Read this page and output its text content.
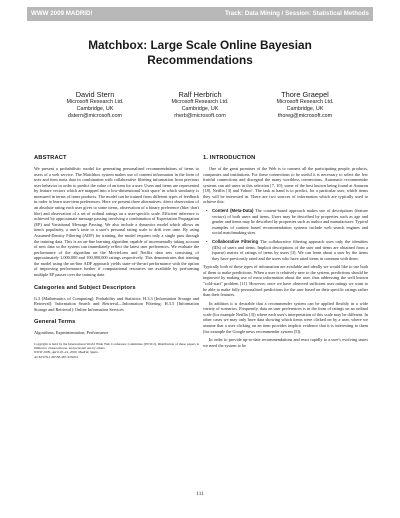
WWW 2009 MADRID!	Track: Data Mining / Session: Statistical Methods
Matchbox: Large Scale Online Bayesian
Recommendations
David Stern
Microsoft Research Ltd.
Cambridge, UK
dstern@microsoft.com
Ralf Herbrich
Microsoft Research Ltd.
Cambridge, UK
rherb@microsoft.com
Thore Graepel
Microsoft Research Ltd.
Cambridge, UK
thoreg@microsoft.com
ABSTRACT

We present a probabilistic model for generating personalised recommendations of items to users of a web service. The Matchbox system makes use of content information in the form of user and item meta data in combination with collaborative filtering information from previous user behavior in order to predict the value of an item for a user. Users and items are represented by feature vectors which are mapped into a low-dimensional 'trait space' in which similarity is measured in terms of inner products. The model can be trained from different types of feedback in order to learn user-item preferences. Here we present three alternatives: direct observation of an absolute rating each user gives to some items, observation of a binary preference (like/ don't like) and observation of a set of ordinal ratings on a user-specific scale. Efficient inference is achieved by approximate message passing involving a combination of Expectation Propagation (EP) and Variational Message Passing. We also include a dynamics model which allows an item's popularity, a user's taste or a user's personal rating scale to drift over time. By using Assumed-Density Filtering (ADF) for training, the model requires only a single pass through the training data. This is an on-line learning algorithm capable of incrementally taking account of new data so the system can immediately reflect the latest user preferences. We evaluate the performance of the algorithm on the MovieLens and Netflix data sets consisting of approximately 1,000,000 and 100,000,000 ratings respectively. This demonstrates that training the model using the on-line ADF approach yields state-of-the-art performance with the option of improving performance further if computational resources are available by performing multiple EP passes over the training data.

Categories and Subject Descriptors

G.3 [Mathematics of Computing]: Probability and Statistics; H.3.3 [Information Storage and Retrieval]: Information Search and Retrieval—Information Filtering; H.3.5 [Information Storage and Retrieval]: Online Information Services

General Terms

Algorithms, Experimentation, Performance

Copyright is held by the International World Wide Web Conference Committee (IW3C2). Distribution of these papers is limited to classroom use, and personal use by others.
WWW 2009, April 20–24, 2009, Madrid, Spain.
ACM 978-1-60558-487-4/09/04.
1. INTRODUCTION

One of the great promises of the Web is to connect all the participating people, products, companies and institutions. For these connections to be useful it is necessary to select the few fruitful connections and disregard the many worthless connections. Automatic recommender systems can aid users in this selection [7, 10]; some of the best known being found at Amazon [18], Netflix [3] and Yahoo!. The task at hand is to predict, for a particular user, which items they will be interested in. There are two sources of information which are typically used to achieve this:

• Content (Meta-Data) The content-based approach makes use of descriptions (feature vectors) of both users and items. Users may be described by properties such as age and gender and items may be described by properties such as author and manufacturer. Typical examples of content based recommendation systems include web search engines and social matchmaking sites.
• Collaborative Filtering The collaborative filtering approach uses only the identities (IDs) of users and items. Implicit descriptions of the user and items are obtained from a (sparse) matrix of ratings of items by users [3]. We can learn about a user by the items they have previously rated and the users who have rated items in common with them.

Typically both of these types of information are available and ideally we would like to use both of them to make predictions. When a user is relatively new to the system, predictions should be improved by making use of extra information about the user, thus addressing the well known "cold-start" problem [11]. However, once we have observed sufficient user ratings we want to be able to make fully personalised predictions for the user based on their specific ratings rather than their features.

In addition it is desirable that a recommender system can be applied flexibly in a wide variety of scenarios. Frequently, data on user preferences is in the form of ratings on an ordinal scale (for example Netflix [3]) where each user's interpretation of this scale may be different. In other cases we may only have data showing which items were clicked on by a user, where we assume that a user clicking on an item provides implicit evidence that it is interesting to them (for example the Google news recommender system [5]).

In order to provide up-to-date recommendations and react rapidly to a user's evolving tastes we need the system to be

111
